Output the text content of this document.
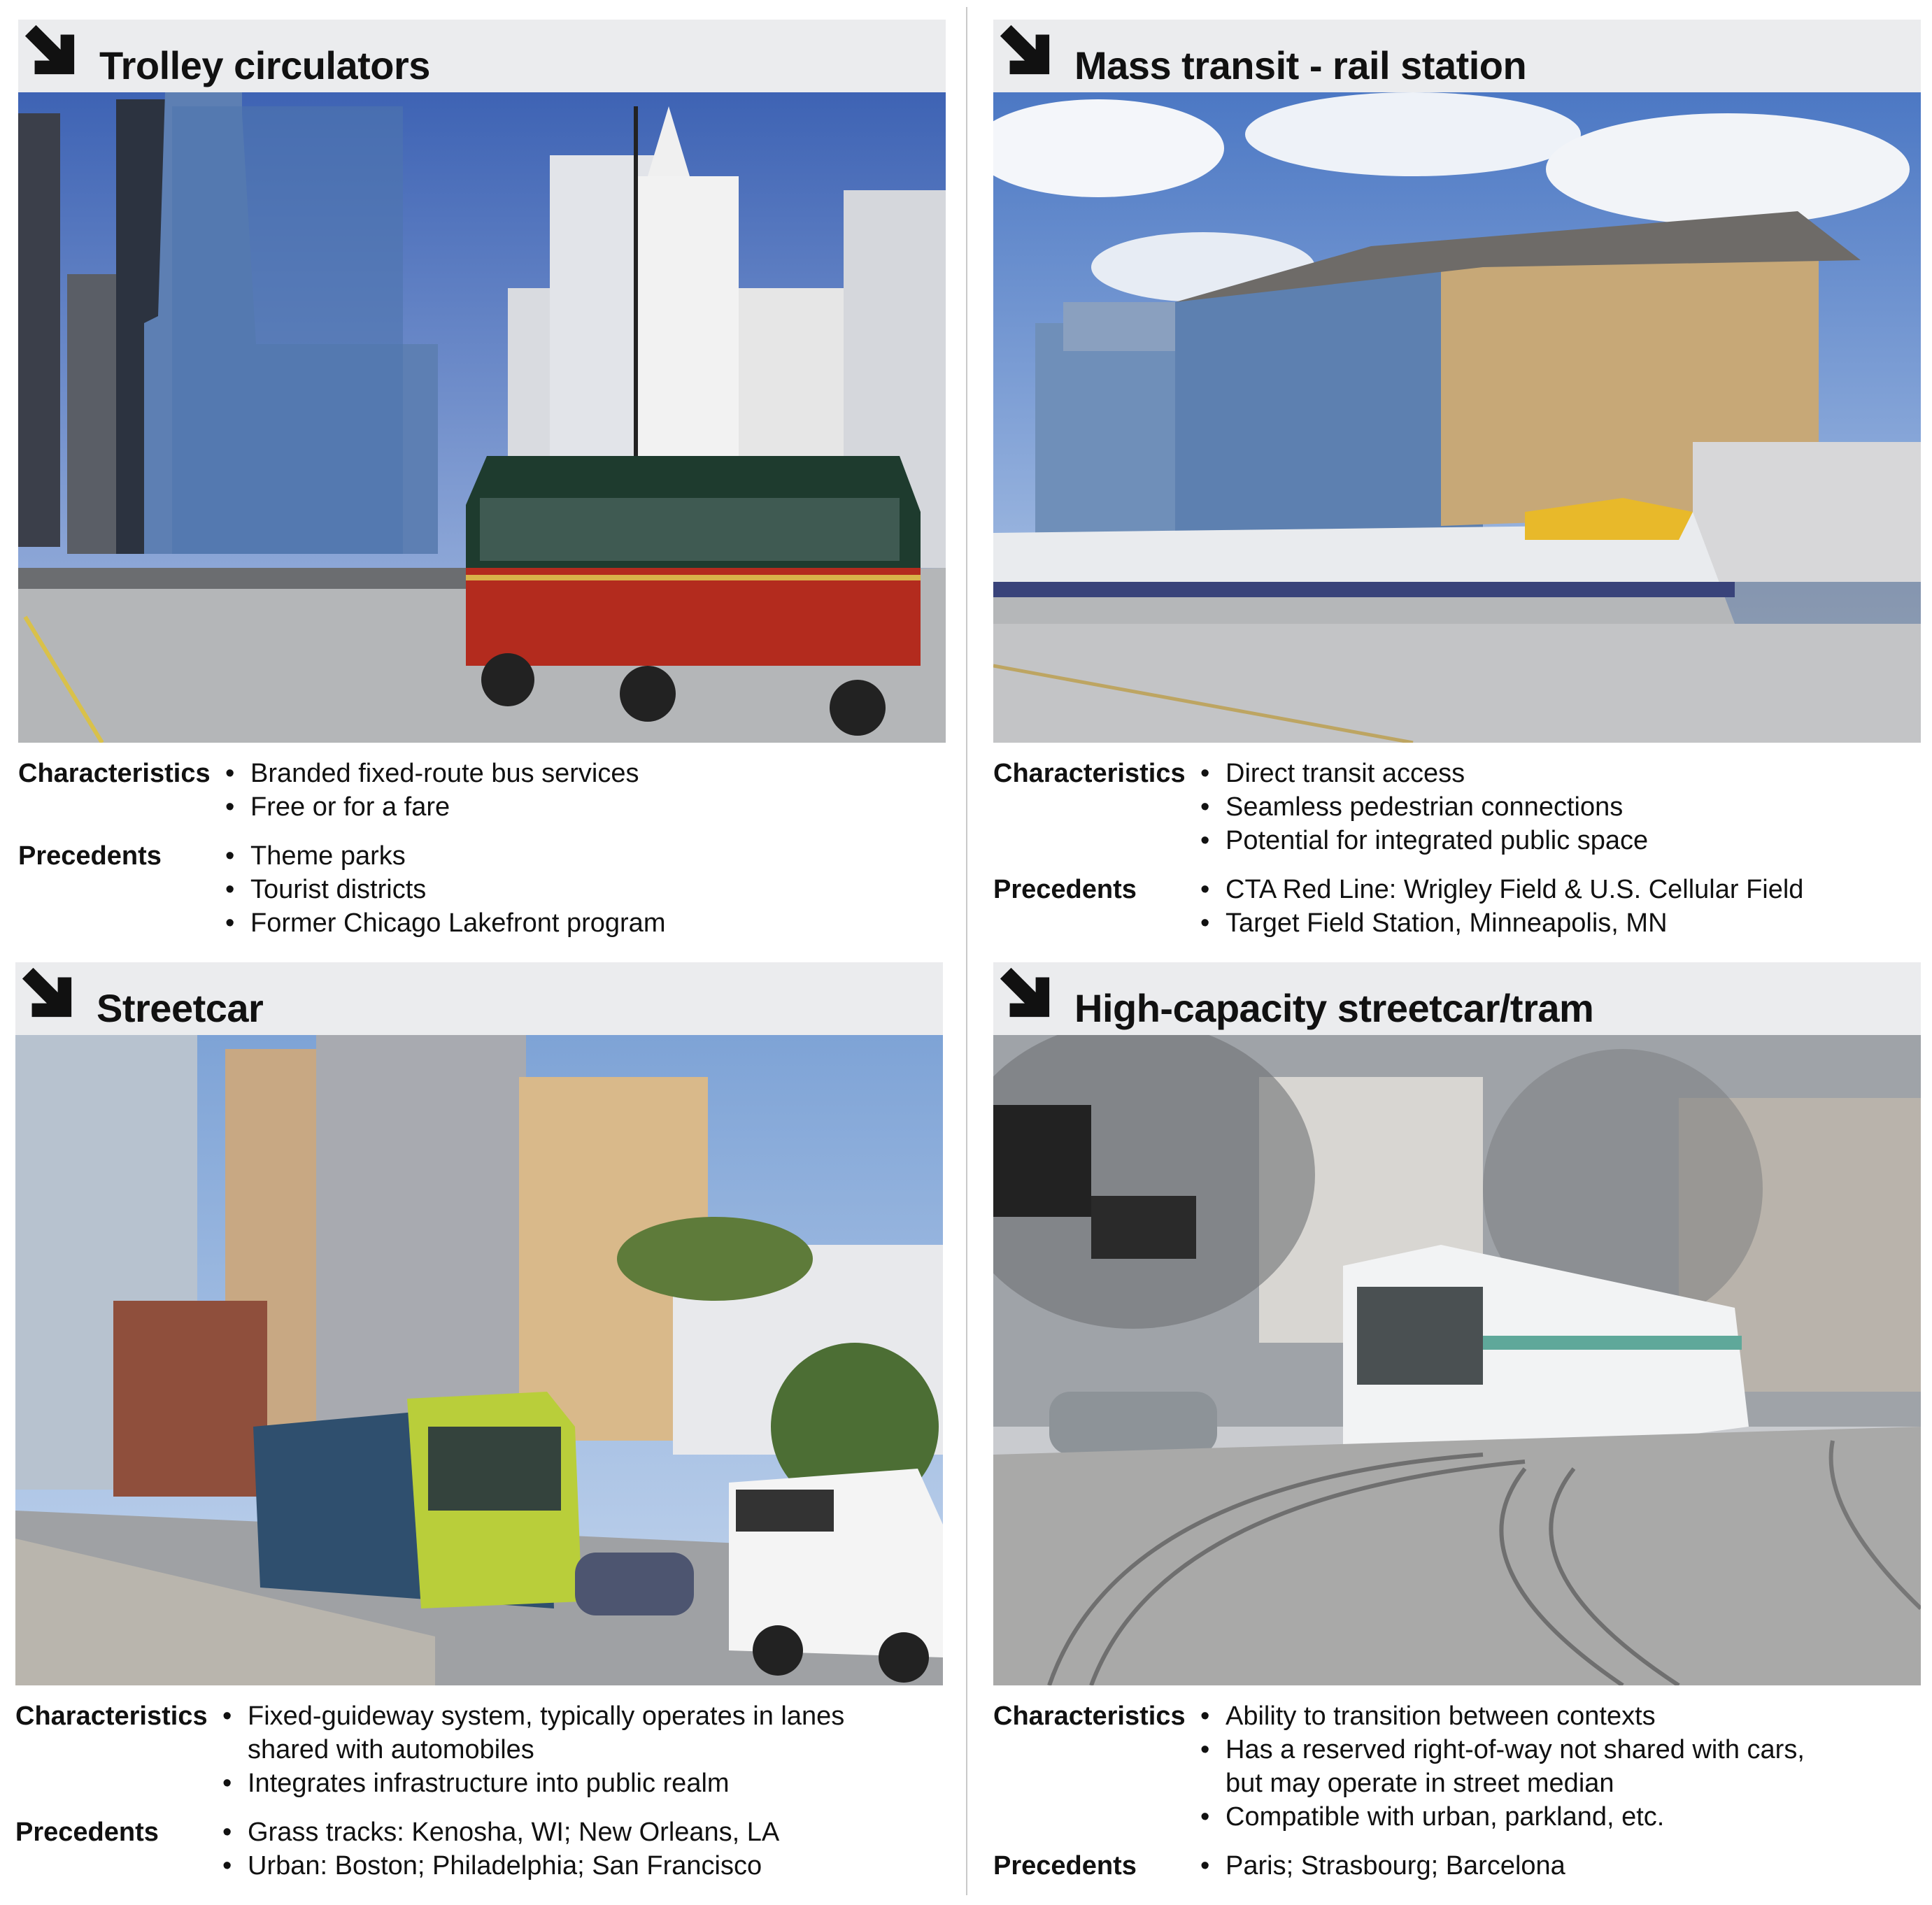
Trolley circulators
Characteristics	• Branded fixed-route bus services
• Free or for a fare
Precedents	• Theme parks
• Tourist districts
• Former Chicago Lakefront program
Mass transit - rail station
Characteristics	• Direct transit access
• Seamless pedestrian connections
• Potential for integrated public space
Precedents	• CTA Red Line: Wrigley Field & U.S. Cellular Field
• Target Field Station, Minneapolis, MN
Streetcar
Characteristics	• Fixed-guideway system, typically operates in lanes
shared with automobiles
• Integrates infrastructure into public realm
Precedents	• Grass tracks: Kenosha, WI; New Orleans, LA
• Urban: Boston; Philadelphia; San Francisco
High-capacity streetcar/tram
Characteristics	• Ability to transition between contexts
• Has a reserved right-of-way not shared with cars,
but may operate in street median
• Compatible with urban, parkland, etc.
Precedents	• Paris; Strasbourg; Barcelona
